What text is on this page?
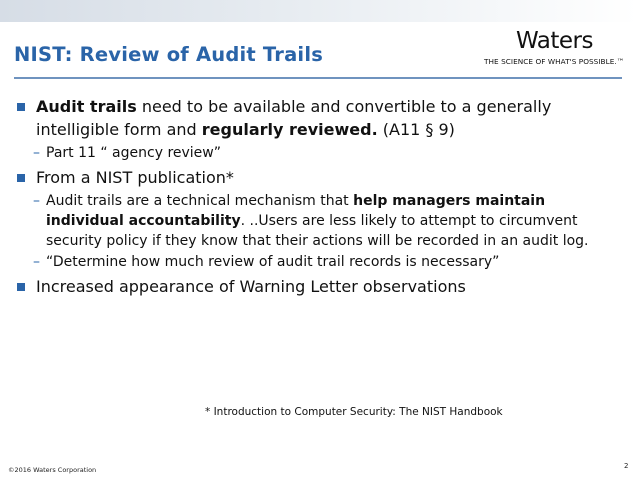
NIST: Review of Audit Trails
Waters
THE SCIENCE OF WHAT'S POSSIBLE.™
Audit trails need to be available and convertible to a generally intelligible form and regularly reviewed. (A11 § 9)
– Part 11 “ agency review”
From a NIST publication*
– Audit trails are a technical mechanism that help managers maintain individual accountability. ..Users are less likely to attempt to circumvent security policy if they know that their actions will be recorded in an audit log.
– “Determine how much review of audit trail records is necessary”
Increased appearance of Warning Letter observations
* Introduction to Computer Security: The NIST Handbook
©2016 Waters Corporation	2
